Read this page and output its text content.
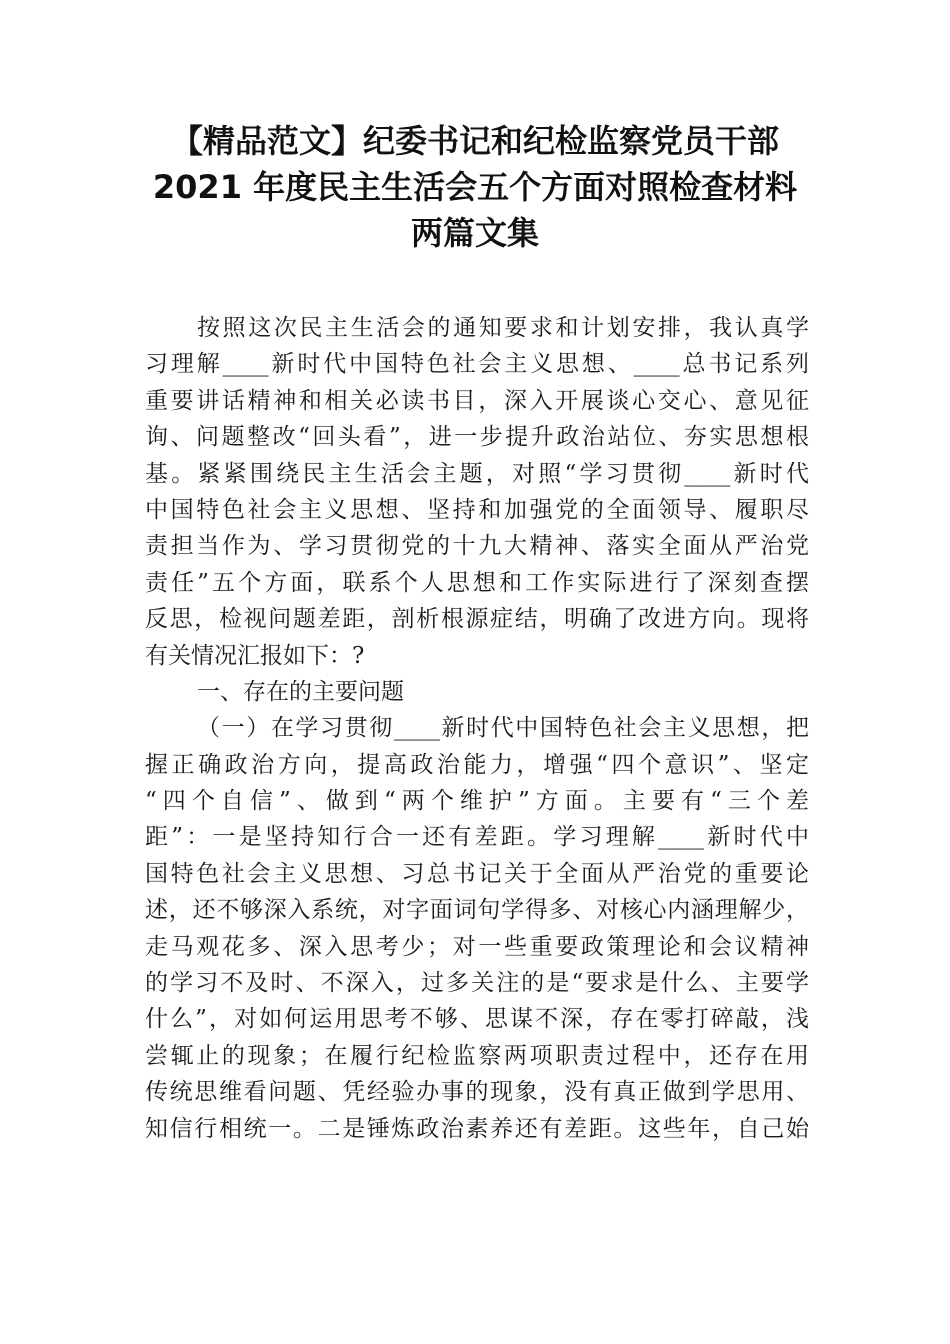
【精品范文】纪委书记和纪检监察党员干部
2021 年度民主生活会五个方面对照检查材料
两篇文集
按照这次民主生活会的通知要求和计划安排，我认真学
习理解____新时代中国特色社会主义思想、____总书记系列
重要讲话精神和相关必读书目，深入开展谈心交心、意见征
询、问题整改“回头看”，进一步提升政治站位、夯实思想根
基。紧紧围绕民主生活会主题，对照“学习贯彻____新时代
中国特色社会主义思想、坚持和加强党的全面领导、履职尽
责担当作为、学习贯彻党的十九大精神、落实全面从严治党
责任”五个方面，联系个人思想和工作实际进行了深刻查摆
反思，检视问题差距，剖析根源症结，明确了改进方向。现将
有关情况汇报如下：?
一、存在的主要问题
（一）在学习贯彻____新时代中国特色社会主义思想，把
握正确政治方向，提高政治能力，增强“四个意识”、坚定
“四个自信”、做到“两个维护”方面。主要有“三个差
距”：一是坚持知行合一还有差距。学习理解____新时代中
国特色社会主义思想、习总书记关于全面从严治党的重要论
述，还不够深入系统，对字面词句学得多、对核心内涵理解少，
走马观花多、深入思考少；对一些重要政策理论和会议精神
的学习不及时、不深入，过多关注的是“要求是什么、主要学
什么”，对如何运用思考不够、思谋不深，存在零打碎敲，浅
尝辄止的现象；在履行纪检监察两项职责过程中，还存在用
传统思维看问题、凭经验办事的现象，没有真正做到学思用、
知信行相统一。二是锤炼政治素养还有差距。这些年，自己始
